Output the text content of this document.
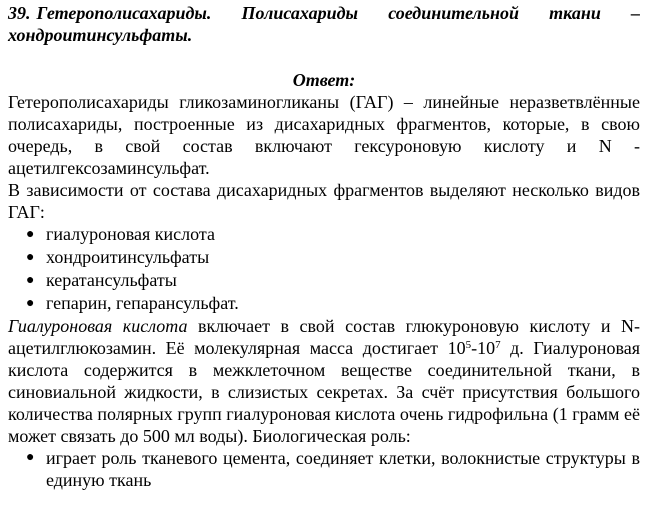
39. Гетерополисахариды. Полисахариды соединительной ткани – хондроитинсульфаты.

Ответ:

Гетерополисахариды гликозаминогликаны (ГАГ) – линейные неразветвлённые полисахариды, построенные из дисахаридных фрагментов, которые, в свою очередь, в свой состав включают гексуроновую кислоту и N - ацетилгексозаминсульфат.

В зависимости от состава дисахаридных фрагментов выделяют несколько видов ГАГ:

● гиалуроновая кислота
● хондроитинсульфаты
● кератансульфаты
● гепарин, гепарансульфат.

Гиалуроновая кислота включает в свой состав глюкуроновую кислоту и N-ацетилглюкозамин. Её молекулярная масса достигает $10^5-10^7$ д. Гиалуроновая кислота содержится в межклеточном веществе соединительной ткани, в синовиальной жидкости, в слизистых секретах. За счёт присутствия большого количества полярных групп гиалуроновая кислота очень гидрофильна (1 грамм её может связать до 500 мл воды). Биологическая роль:

● играет роль тканевого цемента, соединяет клетки, волокнистые структуры в единую ткань
